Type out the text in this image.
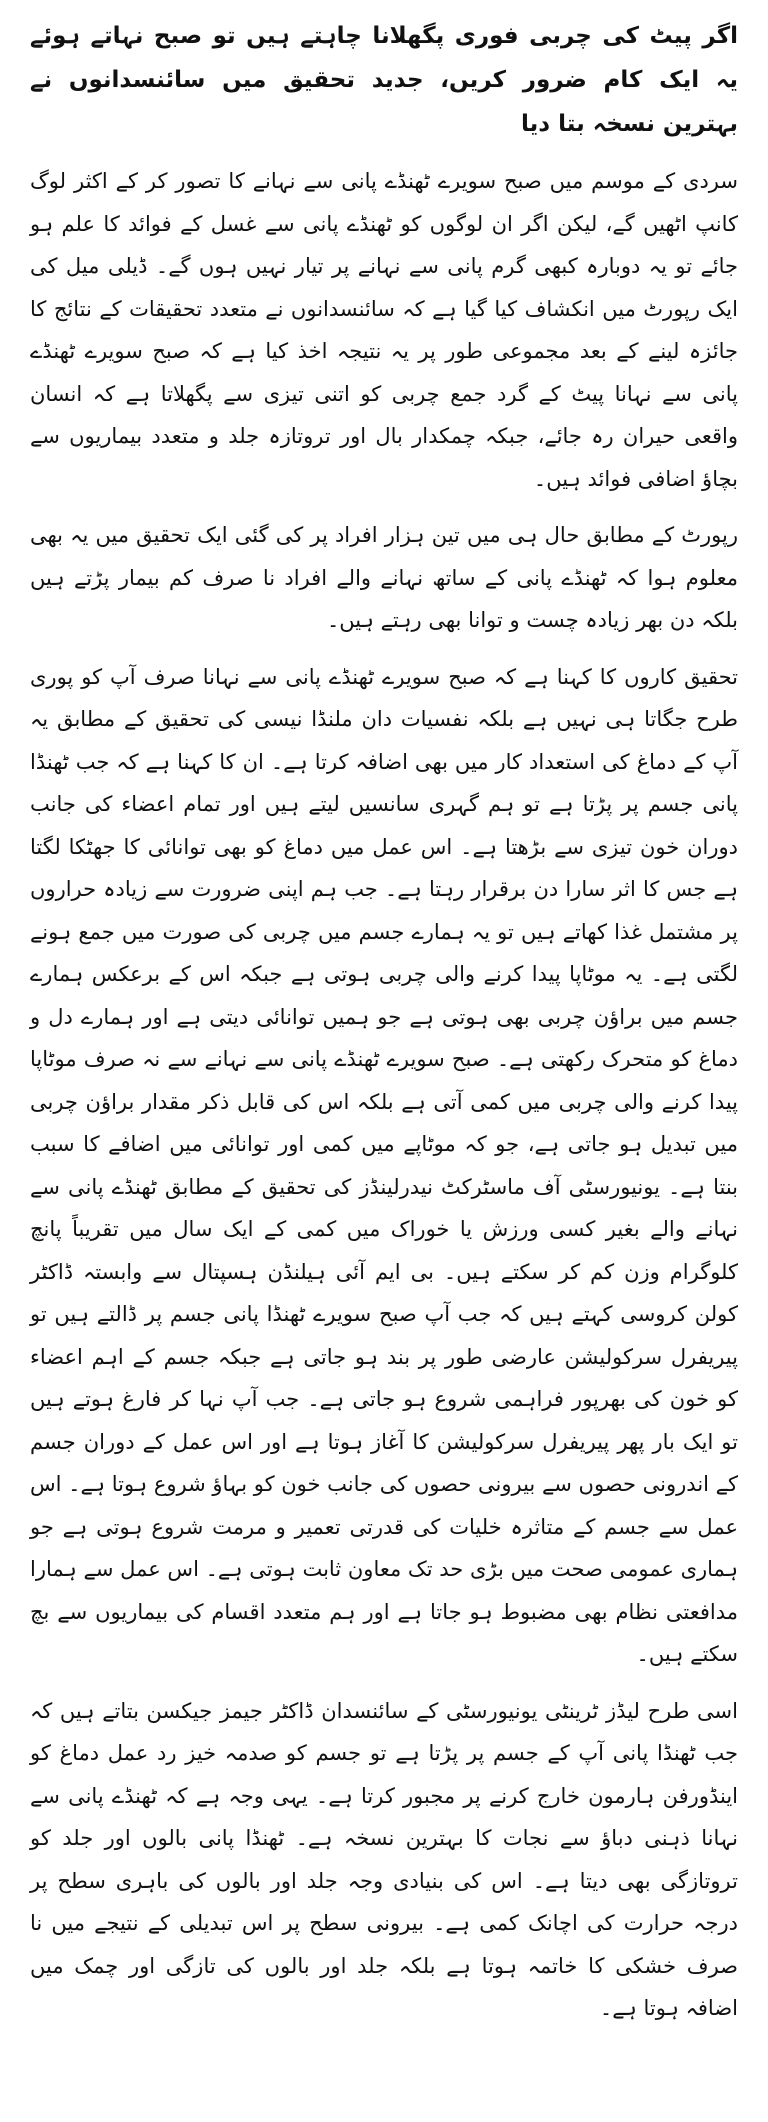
اگر پیٹ کی چربی فوری پگھلانا چاہتے ہیں تو صبح نہاتے ہوئے یہ ایک کام ضرور کریں، جدید تحقیق میں سائنسدانوں نے بہترین نسخہ بتا دیا

سردی کے موسم میں صبح سویرے ٹھنڈے پانی سے نہانے کا تصور کر کے اکثر لوگ کانپ اٹھیں گے، لیکن اگر ان لوگوں کو ٹھنڈے پانی سے غسل کے فوائد کا علم ہو جائے تو یہ دوبارہ کبھی گرم پانی سے نہانے پر تیار نہیں ہوں گے۔ ڈیلی میل کی ایک رپورٹ میں انکشاف کیا گیا ہے کہ سائنسدانوں نے متعدد تحقیقات کے نتائج کا جائزہ لینے کے بعد مجموعی طور پر یہ نتیجہ اخذ کیا ہے کہ صبح سویرے ٹھنڈے پانی سے نہانا پیٹ کے گرد جمع چربی کو اتنی تیزی سے پگھلاتا ہے کہ انسان واقعی حیران رہ جائے، جبکہ چمکدار بال اور تروتازہ جلد و متعدد بیماریوں سے بچاؤ اضافی فوائد ہیں۔

رپورٹ کے مطابق حال ہی میں تین ہزار افراد پر کی گئی ایک تحقیق میں یہ بھی معلوم ہوا کہ ٹھنڈے پانی کے ساتھ نہانے والے افراد نا صرف کم بیمار پڑتے ہیں بلکہ دن بھر زیادہ چست و توانا بھی رہتے ہیں۔

تحقیق کاروں کا کہنا ہے کہ صبح سویرے ٹھنڈے پانی سے نہانا صرف آپ کو پوری طرح جگاتا ہی نہیں ہے بلکہ نفسیات دان ملنڈا نیسی کی تحقیق کے مطابق یہ آپ کے دماغ کی استعداد کار میں بھی اضافہ کرتا ہے۔ ان کا کہنا ہے کہ جب ٹھنڈا پانی جسم پر پڑتا ہے تو ہم گہری سانسیں لیتے ہیں اور تمام اعضاء کی جانب دوران خون تیزی سے بڑھتا ہے۔ اس عمل میں دماغ کو بھی توانائی کا جھٹکا لگتا ہے جس کا اثر سارا دن برقرار رہتا ہے۔ جب ہم اپنی ضرورت سے زیادہ حراروں پر مشتمل غذا کھاتے ہیں تو یہ ہمارے جسم میں چربی کی صورت میں جمع ہونے لگتی ہے۔ یہ موٹاپا پیدا کرنے والی چربی ہوتی ہے جبکہ اس کے برعکس ہمارے جسم میں براؤن چربی بھی ہوتی ہے جو ہمیں توانائی دیتی ہے اور ہمارے دل و دماغ کو متحرک رکھتی ہے۔ صبح سویرے ٹھنڈے پانی سے نہانے سے نہ صرف موٹاپا پیدا کرنے والی چربی میں کمی آتی ہے بلکہ اس کی قابل ذکر مقدار براؤن چربی میں تبدیل ہو جاتی ہے، جو کہ موٹاپے میں کمی اور توانائی میں اضافے کا سبب بنتا ہے۔ یونیورسٹی آف ماسٹرکٹ نیدرلینڈز کی تحقیق کے مطابق ٹھنڈے پانی سے نہانے والے بغیر کسی ورزش یا خوراک میں کمی کے ایک سال میں تقریباً پانچ کلوگرام وزن کم کر سکتے ہیں۔ بی ایم آئی ہیلنڈن ہسپتال سے وابستہ ڈاکٹر کولن کروسی کہتے ہیں کہ جب آپ صبح سویرے ٹھنڈا پانی جسم پر ڈالتے ہیں تو پیریفرل سرکولیشن عارضی طور پر بند ہو جاتی ہے جبکہ جسم کے اہم اعضاء کو خون کی بھرپور فراہمی شروع ہو جاتی ہے۔ جب آپ نہا کر فارغ ہوتے ہیں تو ایک بار پھر پیریفرل سرکولیشن کا آغاز ہوتا ہے اور اس عمل کے دوران جسم کے اندرونی حصوں سے بیرونی حصوں کی جانب خون کو بہاؤ شروع ہوتا ہے۔ اس عمل سے جسم کے متاثرہ خلیات کی قدرتی تعمیر و مرمت شروع ہوتی ہے جو ہماری عمومی صحت میں بڑی حد تک معاون ثابت ہوتی ہے۔ اس عمل سے ہمارا مدافعتی نظام بھی مضبوط ہو جاتا ہے اور ہم متعدد اقسام کی بیماریوں سے بچ سکتے ہیں۔

اسی طرح لیڈز ٹرینٹی یونیورسٹی کے سائنسدان ڈاکٹر جیمز جیکسن بتاتے ہیں کہ جب ٹھنڈا پانی آپ کے جسم پر پڑتا ہے تو جسم کو صدمہ خیز رد عمل دماغ کو اینڈورفن ہارمون خارج کرنے پر مجبور کرتا ہے۔ یہی وجہ ہے کہ ٹھنڈے پانی سے نہانا ذہنی دباؤ سے نجات کا بہترین نسخہ ہے۔ ٹھنڈا پانی بالوں اور جلد کو تروتازگی بھی دیتا ہے۔ اس کی بنیادی وجہ جلد اور بالوں کی باہری سطح پر درجہ حرارت کی اچانک کمی ہے۔ بیرونی سطح پر اس تبدیلی کے نتیجے میں نا صرف خشکی کا خاتمہ ہوتا ہے بلکہ جلد اور بالوں کی تازگی اور چمک میں اضافہ ہوتا ہے۔
